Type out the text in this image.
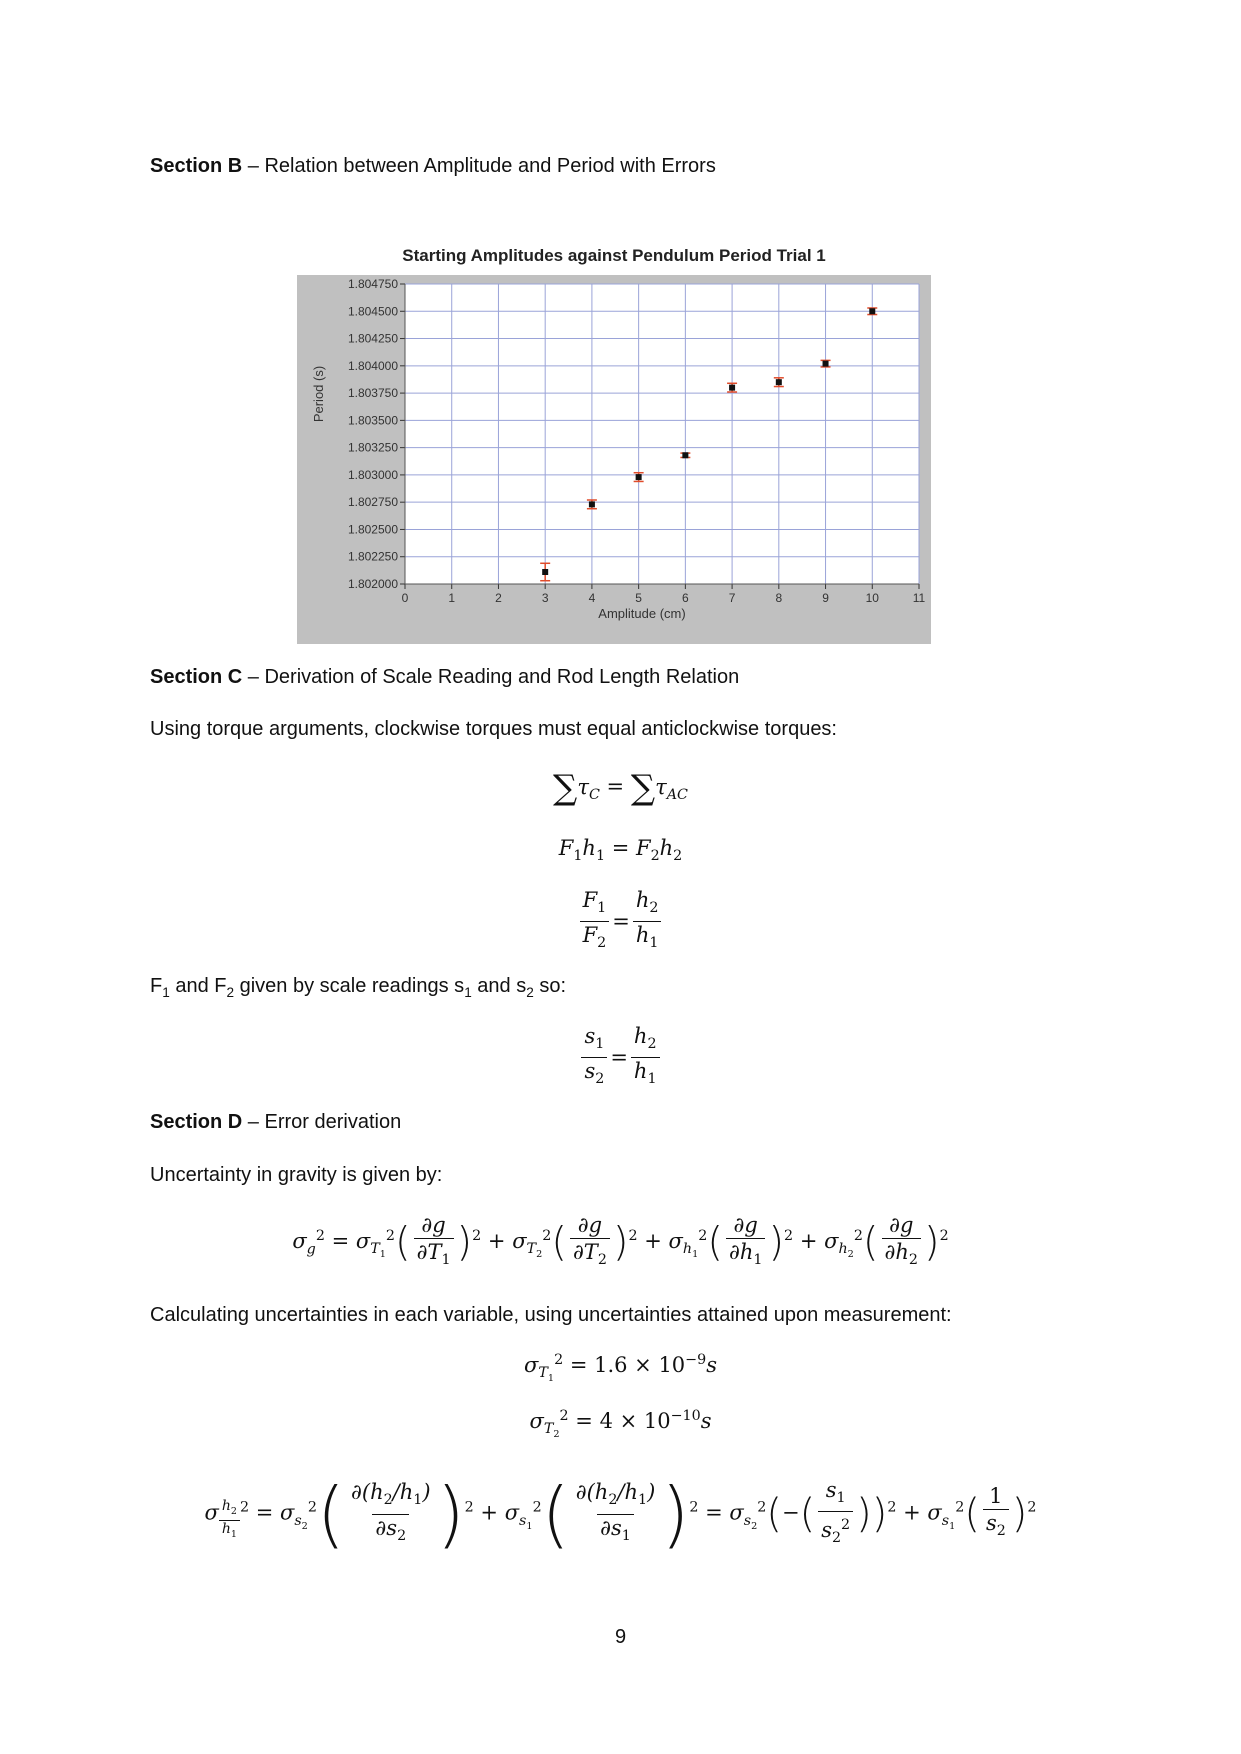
Section B – Relation between Amplitude and Period with Errors
Starting Amplitudes against Pendulum Period Trial 1
0	1	2	3	4	5	6	7	8	9	10	11
1.802000
1.802250
1.802500
1.802750
1.803000
1.803250
1.803500
1.803750
1.804000
1.804250
1.804500
1.804750
Amplitude (cm)
Period (s)
Section C – Derivation of Scale Reading and Rod Length Relation
Using torque arguments, clockwise torques must equal anticlockwise torques:
$\sum\tau_C = \sum\tau_{AC}$
$F_1h_1 = F_2h_2$
$\frac{F_1}{F_2} = \frac{h_2}{h_1}$
$F_1$ and $F_2$ given by scale readings $s_1$ and $s_2$ so:
$\frac{s_1}{s_2} = \frac{h_2}{h_1}$
Section D – Error derivation
Uncertainty in gravity is given by:
$\sigma_g^2 = \sigma_{T_1}^2( \frac{\partial g}{\partial T_1} )^2 + \sigma_{T_2}^2( \frac{\partial g}{\partial T_2} )^2 + \sigma_{h_1}^2( \frac{\partial g}{\partial h_1} )^2 + \sigma_{h_2}^2( \frac{\partial g}{\partial h_2} )^2$
Calculating uncertainties in each variable, using uncertainties attained upon measurement:
$\sigma_{T_1}^2 = 1.6 \times 10^{-9}s$
$\sigma_{T_2}^2 = 4 \times 10^{-10}s$
σ $_{\frac{h_2}{h_1}}$ $^2 = \sigma_{s_2}^2( \frac{\partial(h_2/h_1)}{\partial s_2} )^2 + \sigma_{s_1}^2( \frac{\partial(h_2/h_1)}{\partial s_1} )^2 = \sigma_{s_2}^2(-( \frac{s_1}{s_2^2} ))^2 + \sigma_{s_1}^2( \frac{1}{s_2} )^2$
9
